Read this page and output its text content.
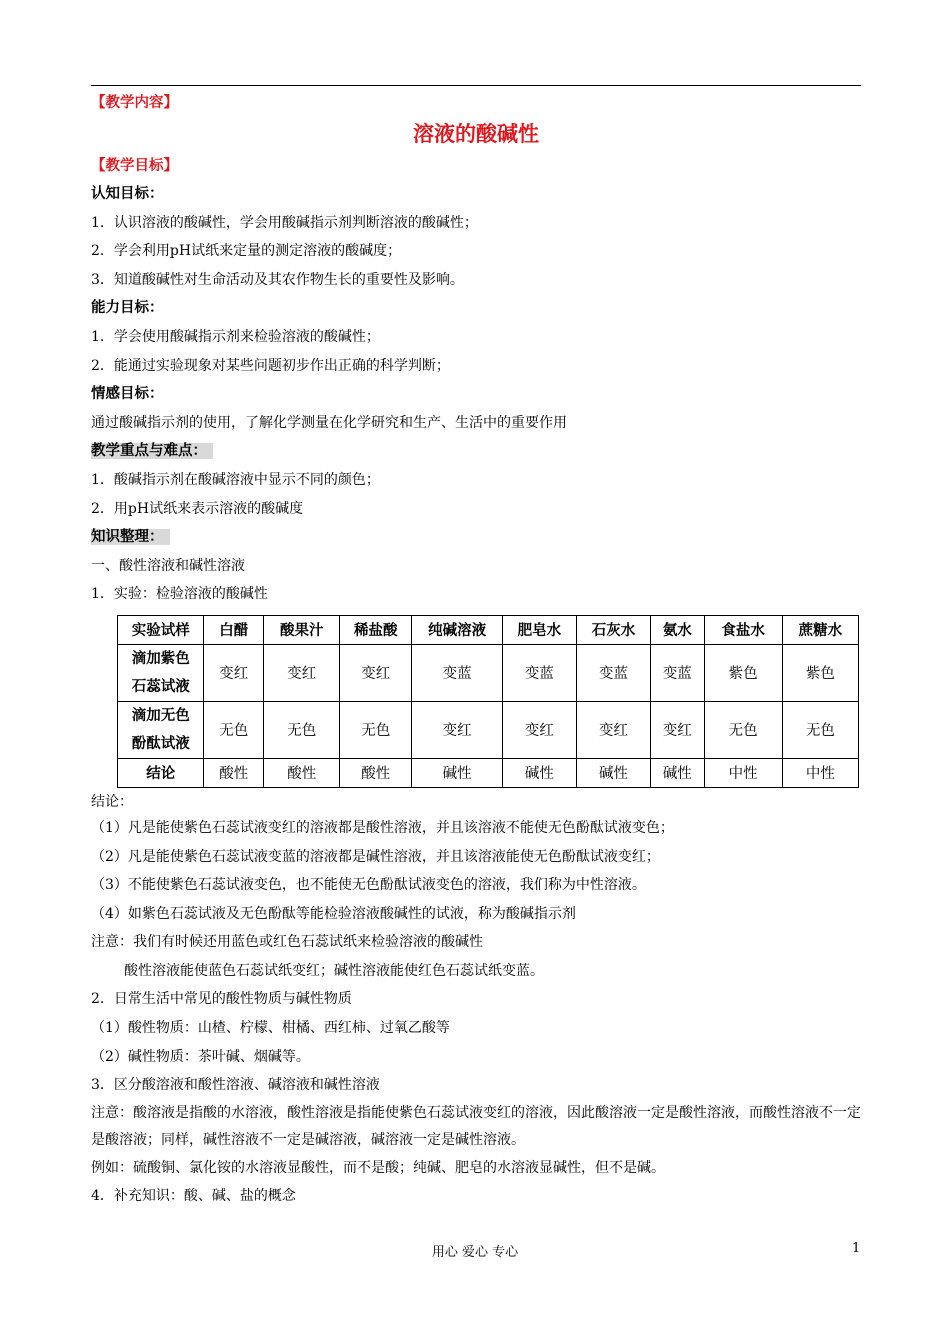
【教学内容】
溶液的酸碱性
【教学目标】
认知目标：
1．认识溶液的酸碱性，学会用酸碱指示剂判断溶液的酸碱性；
2．学会利用pH试纸来定量的测定溶液的酸碱度；
3．知道酸碱性对生命活动及其农作物生长的重要性及影响。
能力目标：
1．学会使用酸碱指示剂来检验溶液的酸碱性；
2．能通过实验现象对某些问题初步作出正确的科学判断；
情感目标：
通过酸碱指示剂的使用，了解化学测量在化学研究和生产、生活中的重要作用
教学重点与难点：
1．酸碱指示剂在酸碱溶液中显示不同的颜色；
2．用pH试纸来表示溶液的酸碱度
知识整理：
一、酸性溶液和碱性溶液
1．实验：检验溶液的酸碱性
实验试样	白醋	酸果汁	稀盐酸	纯碱溶液	肥皂水	石灰水	氨水	食盐水	蔗糖水

滴加紫色
石蕊试液	变红	变红	变红	变蓝	变蓝	变蓝	变蓝	紫色	紫色

滴加无色
酚酞试液	无色	无色	无色	变红	变红	变红	变红	无色	无色
结论	酸性	酸性	酸性	碱性	碱性	碱性	碱性	中性	中性
结论：
（1）凡是能使紫色石蕊试液变红的溶液都是酸性溶液，并且该溶液不能使无色酚酞试液变色；
（2）凡是能使紫色石蕊试液变蓝的溶液都是碱性溶液，并且该溶液能使无色酚酞试液变红；
（3）不能使紫色石蕊试液变色，也不能使无色酚酞试液变色的溶液，我们称为中性溶液。
（4）如紫色石蕊试液及无色酚酞等能检验溶液酸碱性的试液，称为酸碱指示剂
注意：我们有时候还用蓝色或红色石蕊试纸来检验溶液的酸碱性
酸性溶液能使蓝色石蕊试纸变红；碱性溶液能使红色石蕊试纸变蓝。
2．日常生活中常见的酸性物质与碱性物质
（1）酸性物质：山楂、柠檬、柑橘、西红柿、过氧乙酸等
（2）碱性物质：茶叶碱、烟碱等。
3．区分酸溶液和酸性溶液、碱溶液和碱性溶液
注意：酸溶液是指酸的水溶液，酸性溶液是指能使紫色石蕊试液变红的溶液，因此酸溶液一定是酸性溶液，而酸性溶液不一定是酸溶液；同样，碱性溶液不一定是碱溶液，碱溶液一定是碱性溶液。
例如：硫酸铜、氯化铵的水溶液显酸性，而不是酸；纯碱、肥皂的水溶液显碱性，但不是碱。
4．补充知识：酸、碱、盐的概念
用心 爱心 专心	1
